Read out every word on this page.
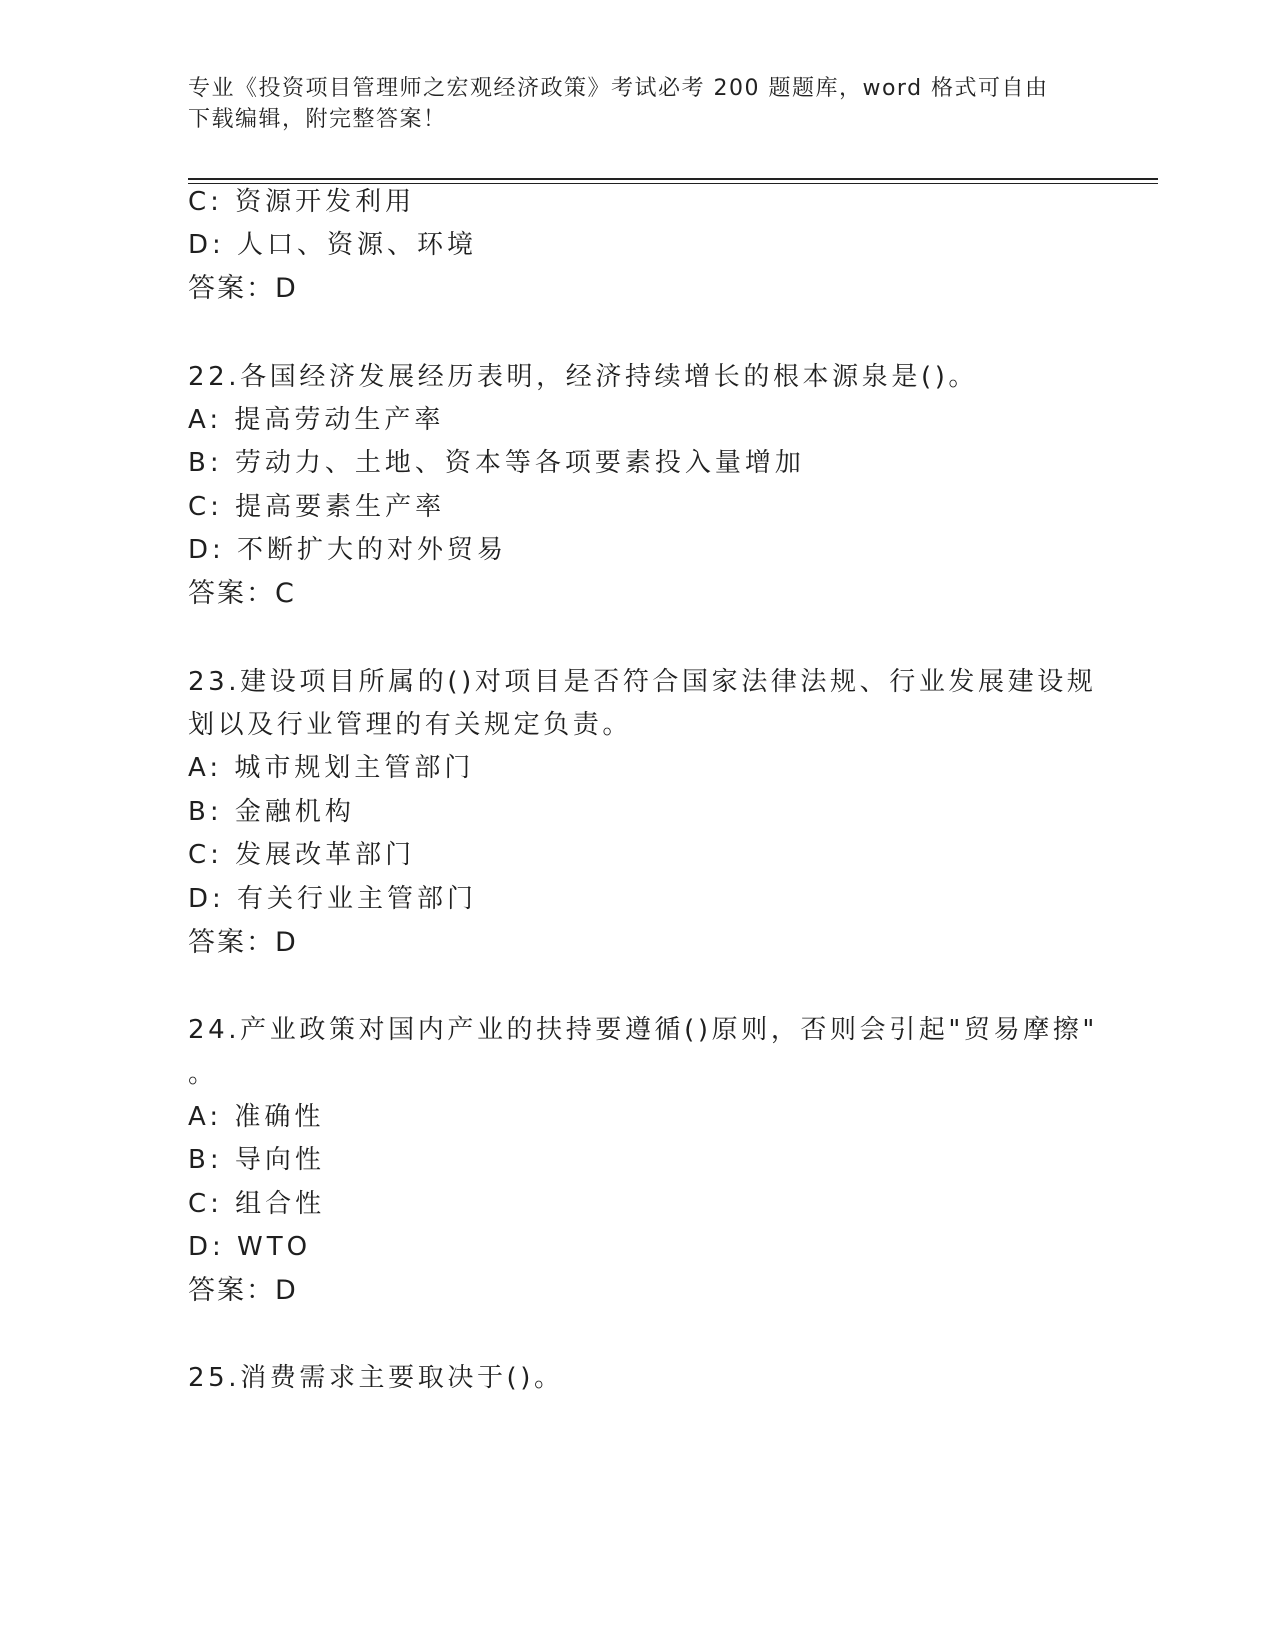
专业《投资项目管理师之宏观经济政策》考试必考 200 题题库，word 格式可自由
下载编辑，附完整答案！
C: 资源开发利用
D: 人口、资源、环境
答案：D
22.各国经济发展经历表明，经济持续增长的根本源泉是()。
A: 提高劳动生产率
B: 劳动力、土地、资本等各项要素投入量增加
C: 提高要素生产率
D: 不断扩大的对外贸易
答案：C
23.建设项目所属的()对项目是否符合国家法律法规、行业发展建设规
划以及行业管理的有关规定负责。
A: 城市规划主管部门
B: 金融机构
C: 发展改革部门
D: 有关行业主管部门
答案：D
24.产业政策对国内产业的扶持要遵循()原则，否则会引起"贸易摩擦"
。
A: 准确性
B: 导向性
C: 组合性
D: WTO
答案：D
25.消费需求主要取决于()。
